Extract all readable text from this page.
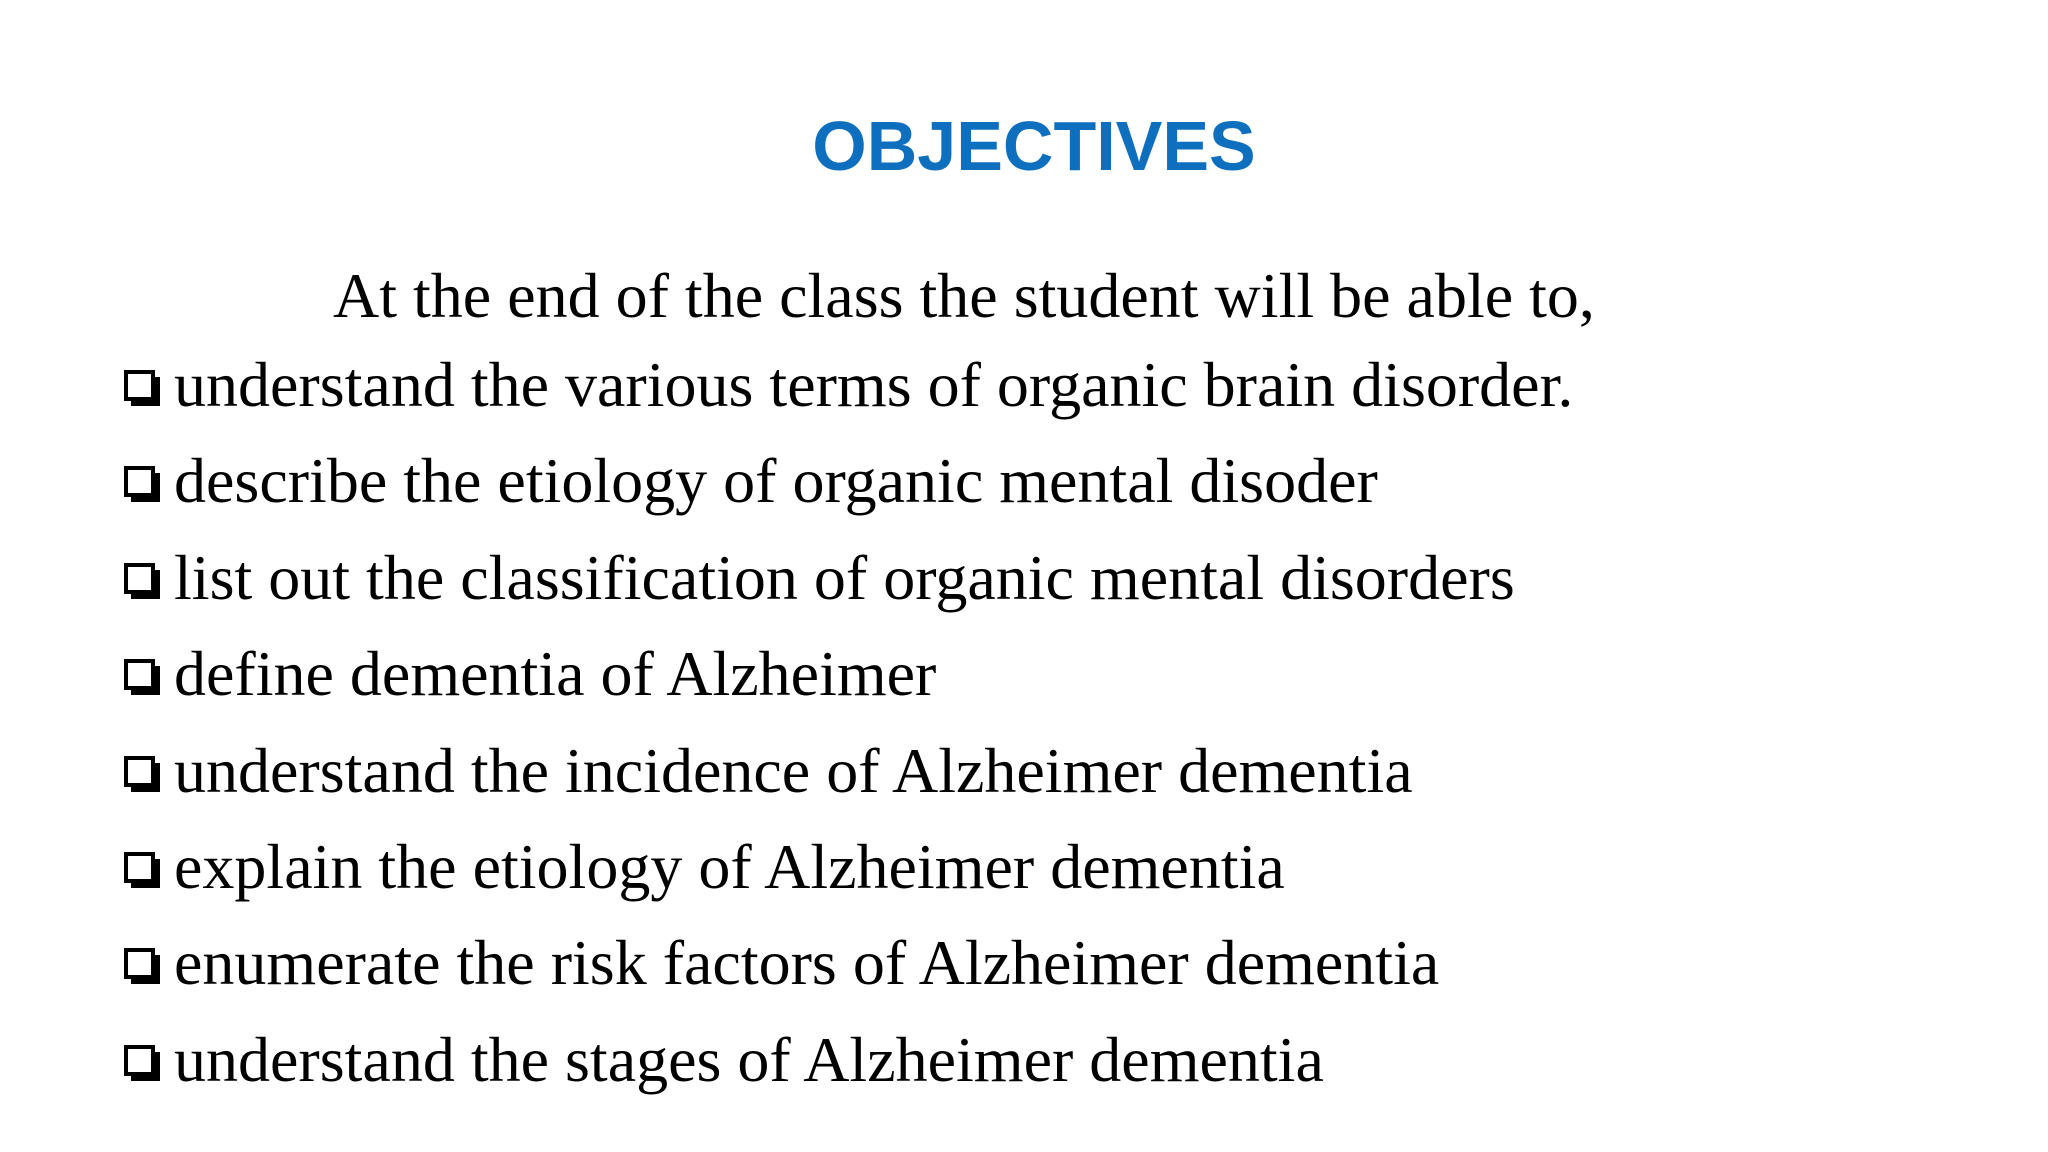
OBJECTIVES

At the end of the class the student will be able to,

understand the various terms of organic brain disorder.
describe the etiology of organic mental disoder
list out the classification of organic mental disorders
define dementia of Alzheimer
understand the incidence of Alzheimer dementia
explain the etiology of Alzheimer dementia
enumerate the risk factors of Alzheimer dementia
understand the stages of Alzheimer dementia
